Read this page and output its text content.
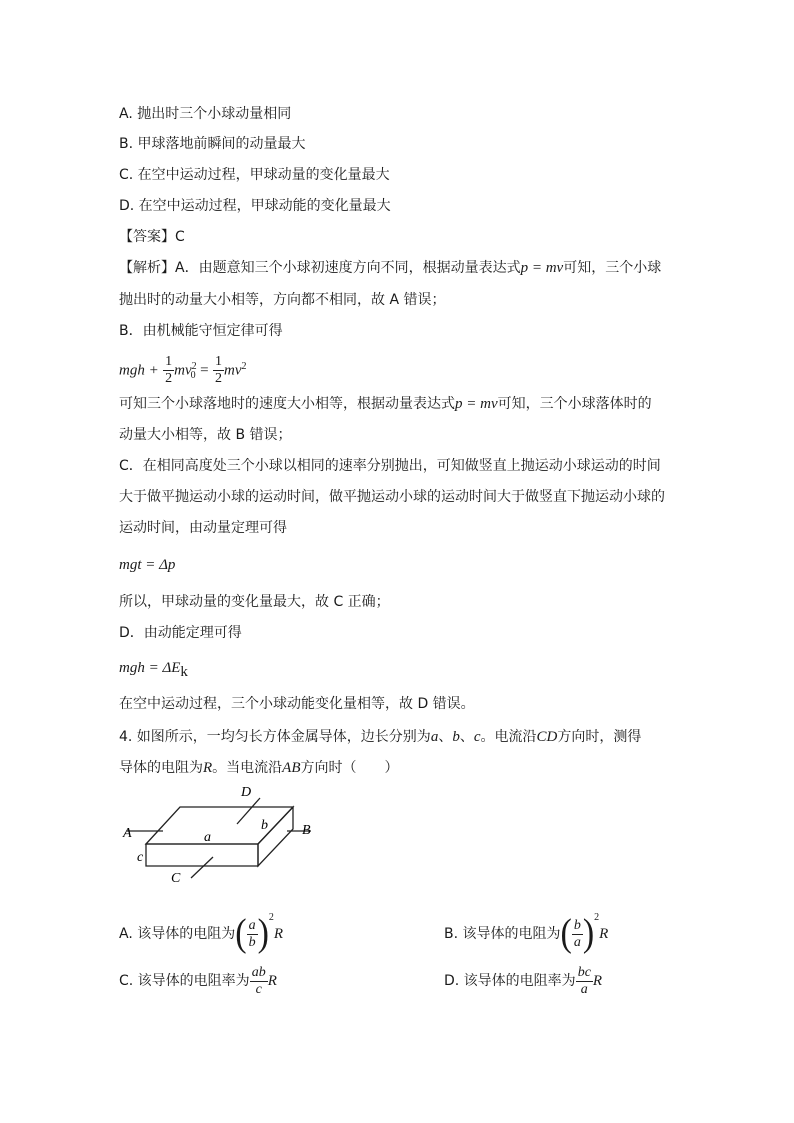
A. 抛出时三个小球动量相同
B. 甲球落地前瞬间的动量最大
C. 在空中运动过程，甲球动量的变化量最大
D. 在空中运动过程，甲球动能的变化量最大
【答案】C
【解析】A．由题意知三个小球初速度方向不同，根据动量表达式p = mv可知，三个小球
抛出时的动量大小相等，方向都不相同，故 A 错误；
B．由机械能守恒定律可得
mgh + $\frac{1}{2} mv^2_0 = \frac{1}{2} mv^2$
可知三个小球落地时的速度大小相等，根据动量表达式p = mv可知，三个小球落体时的
动量大小相等，故 B 错误；
C．在相同高度处三个小球以相同的速率分别抛出，可知做竖直上抛运动小球运动的时间
大于做平抛运动小球的运动时间，做平抛运动小球的运动时间大于做竖直下抛运动小球的
运动时间，由动量定理可得
mgt = Δp
所以，甲球动量的变化量最大，故 C 正确；
D．由动能定理可得
mgh = $\Delta E_k$
在空中运动过程，三个小球动能变化量相等，故 D 错误。
4. 如图所示，一均匀长方体金属导体，边长分别为a、b、c。电流沿CD方向时，测得
导体的电阻为R。当电流沿AB方向时（　　）
A	B
C
D
a
b
c
A. 该导体的电阻为( $\frac{a}{b} )^2R$	B. 该导体的电阻为( $\frac{b}{a} )^2R$
C. 该导体的电阻率为 $\frac{ab}{c}$ R	D. 该导体的电阻率为 $\frac{bc}{a}$ R
